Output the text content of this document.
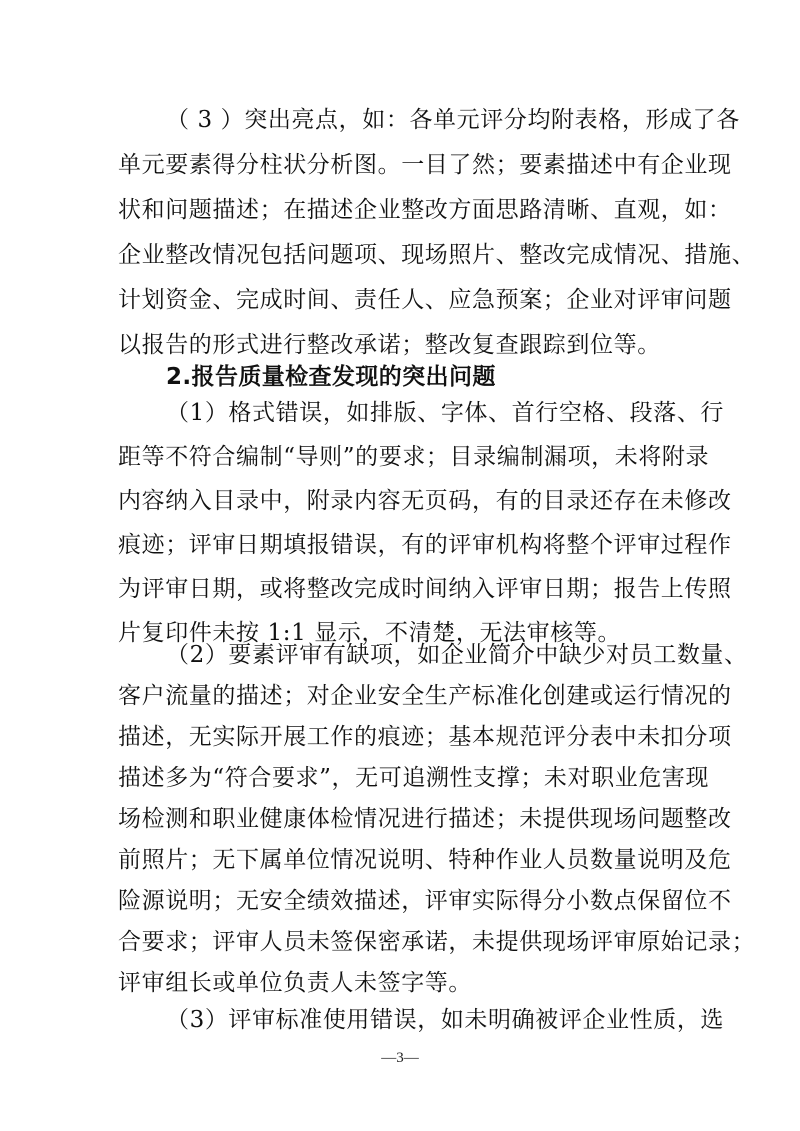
（ 3 ）突出亮点，如：各单元评分均附表格，形成了各
单元要素得分柱状分析图。一目了然；要素描述中有企业现
状和问题描述；在描述企业整改方面思路清晰、直观，如：
企业整改情况包括问题项、现场照片、整改完成情况、措施、
计划资金、完成时间、责任人、应急预案；企业对评审问题
以报告的形式进行整改承诺；整改复查跟踪到位等。
2.报告质量检查发现的突出问题
（1）格式错误，如排版、字体、首行空格、段落、行
距等不符合编制“导则”的要求；目录编制漏项，未将附录
内容纳入目录中，附录内容无页码，有的目录还存在未修改
痕迹；评审日期填报错误，有的评审机构将整个评审过程作
为评审日期，或将整改完成时间纳入评审日期；报告上传照
片复印件未按 1:1 显示，不清楚，无法审核等。
（2）要素评审有缺项，如企业简介中缺少对员工数量、
客户流量的描述；对企业安全生产标准化创建或运行情况的
描述，无实际开展工作的痕迹；基本规范评分表中未扣分项
描述多为“符合要求”，无可追溯性支撑；未对职业危害现
场检测和职业健康体检情况进行描述；未提供现场问题整改
前照片；无下属单位情况说明、特种作业人员数量说明及危
险源说明；无安全绩效描述，评审实际得分小数点保留位不
合要求；评审人员未签保密承诺，未提供现场评审原始记录；
评审组长或单位负责人未签字等。
（3）评审标准使用错误，如未明确被评企业性质，选
—3—
